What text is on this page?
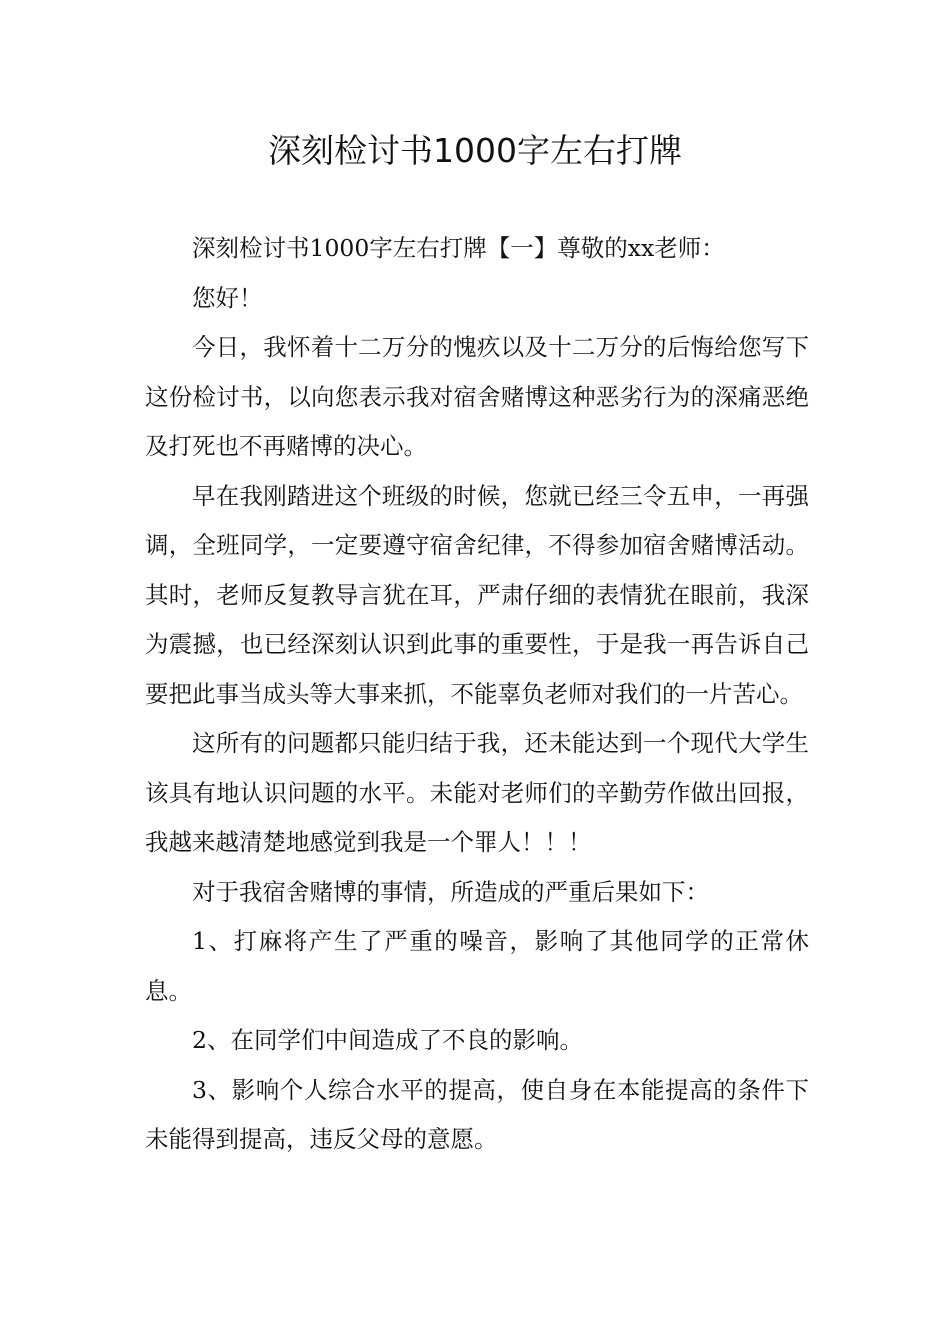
深刻检讨书1000字左右打牌

深刻检讨书1000字左右打牌【一】尊敬的xx老师：

您好！

今日，我怀着十二万分的愧疚以及十二万分的后悔给您写下这份检讨书，以向您表示我对宿舍赌博这种恶劣行为的深痛恶绝及打死也不再赌博的决心。

早在我刚踏进这个班级的时候，您就已经三令五申，一再强调，全班同学，一定要遵守宿舍纪律，不得参加宿舍赌博活动。其时，老师反复教导言犹在耳，严肃仔细的表情犹在眼前，我深为震撼，也已经深刻认识到此事的重要性，于是我一再告诉自己要把此事当成头等大事来抓，不能辜负老师对我们的一片苦心。

这所有的问题都只能归结于我，还未能达到一个现代大学生该具有地认识问题的水平。未能对老师们的辛勤劳作做出回报，我越来越清楚地感觉到我是一个罪人！！！

对于我宿舍赌博的事情，所造成的严重后果如下：

1、打麻将产生了严重的噪音，影响了其他同学的正常休息。

2、在同学们中间造成了不良的影响。

3、影响个人综合水平的提高，使自身在本能提高的条件下未能得到提高，违反父母的意愿。
